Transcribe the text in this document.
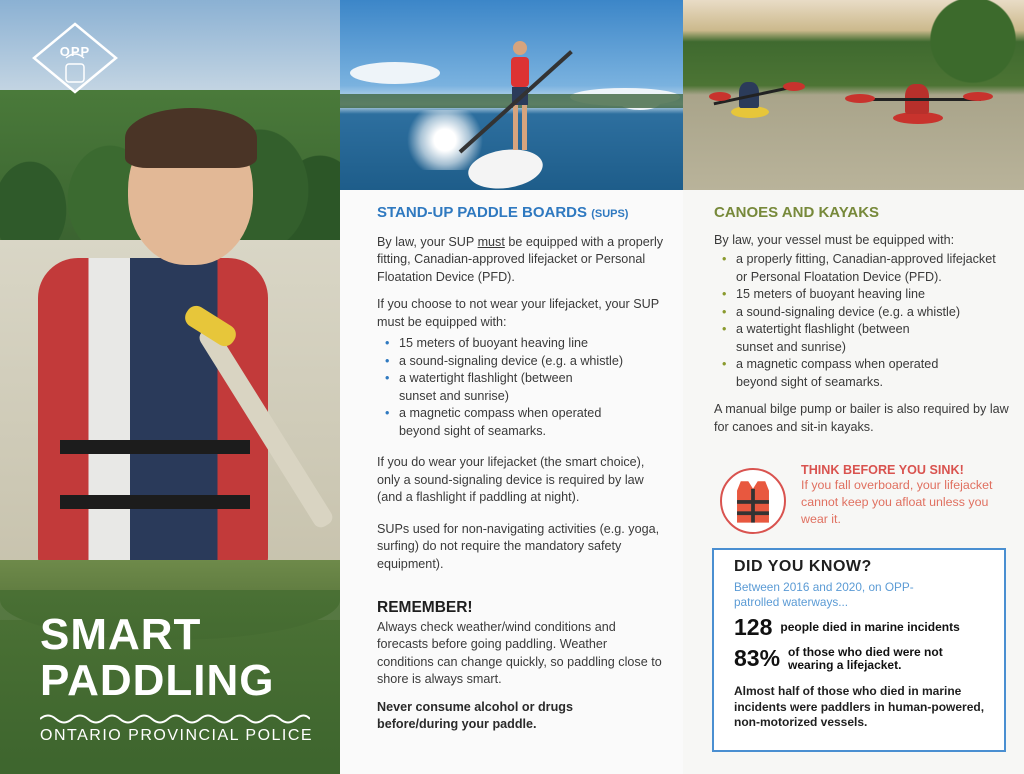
OPP
SMART
PADDLING
ONTARIO PROVINCIAL POLICE
STAND-UP PADDLE BOARDS (SUPS)

By law, your SUP must be equipped with a properly fitting, Canadian-approved lifejacket or Personal Floatation Device (PFD).

If you choose to not wear your lifejacket, your SUP must be equipped with:

• 15 meters of buoyant heaving line
• a sound-signaling device (e.g. a whistle)
• a watertight flashlight (between sunset and sunrise)
• a magnetic compass when operated beyond sight of seamarks.

If you do wear your lifejacket (the smart choice), only a sound-signaling device is required by law (and a flashlight if paddling at night).

SUPs used for non-navigating activities (e.g. yoga, surfing) do not require the mandatory safety equipment).

REMEMBER!

Always check weather/wind conditions and forecasts before going paddling. Weather conditions can change quickly, so paddling close to shore is always smart.

Never consume alcohol or drugs before/during your paddle.

CANOES AND KAYAKS

By law, your vessel must be equipped with:

• a properly fitting, Canadian-approved lifejacket or Personal Floatation Device (PFD).
• 15 meters of buoyant heaving line
• a sound-signaling device (e.g. a whistle)
• a watertight flashlight (between sunset and sunrise)
• a magnetic compass when operated beyond sight of seamarks.

A manual bilge pump or bailer is also required by law for canoes and sit-in kayaks.

THINK BEFORE YOU SINK!
If you fall overboard, your lifejacket cannot keep you afloat unless you wear it.
DID YOU KNOW?
Between 2016 and 2020, on OPP-patrolled waterways...
128 people died in marine incidents
83% of those who died were not wearing a lifejacket.
Almost half of those who died in marine incidents were paddlers in human-powered, non-motorized vessels.
